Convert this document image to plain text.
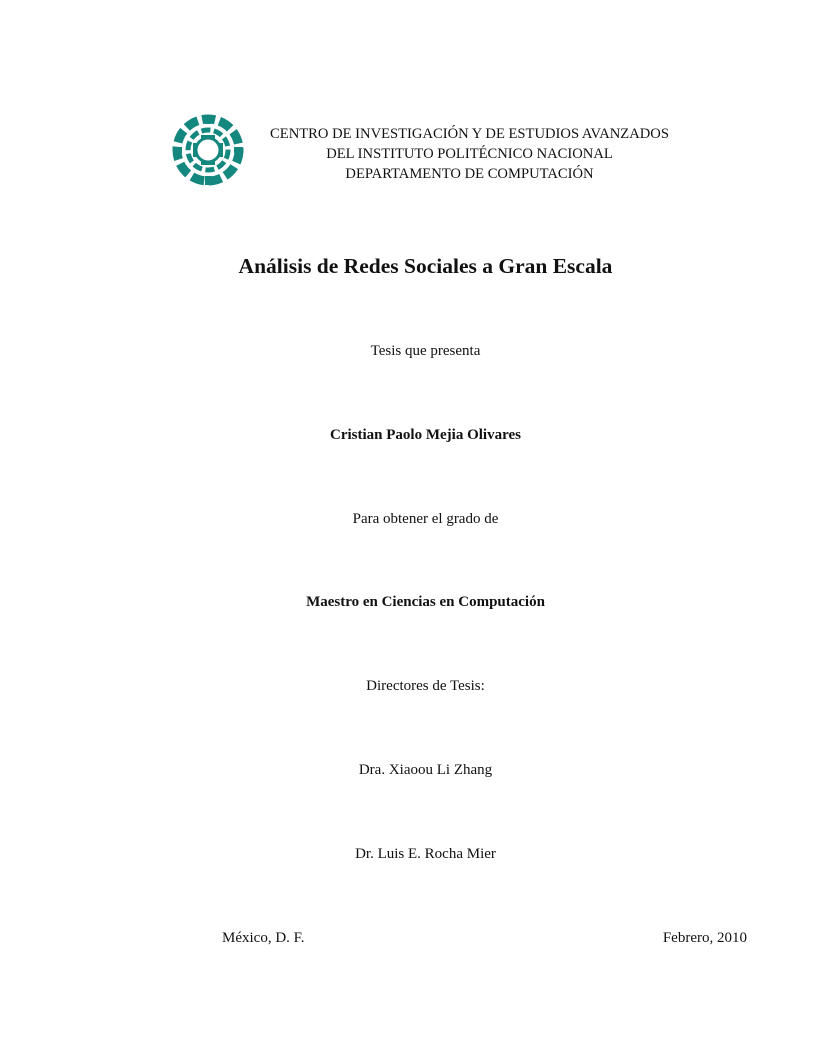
CENTRO DE INVESTIGACIÓN Y DE ESTUDIOS AVANZADOS
DEL INSTITUTO POLITÉCNICO NACIONAL
DEPARTAMENTO DE COMPUTACIÓN
Análisis de Redes Sociales a Gran Escala
Tesis que presenta
Cristian Paolo Mejia Olivares
Para obtener el grado de
Maestro en Ciencias en Computación
Directores de Tesis:
Dra. Xiaoou Li Zhang
Dr. Luis E. Rocha Mier
México, D. F.	Febrero, 2010
